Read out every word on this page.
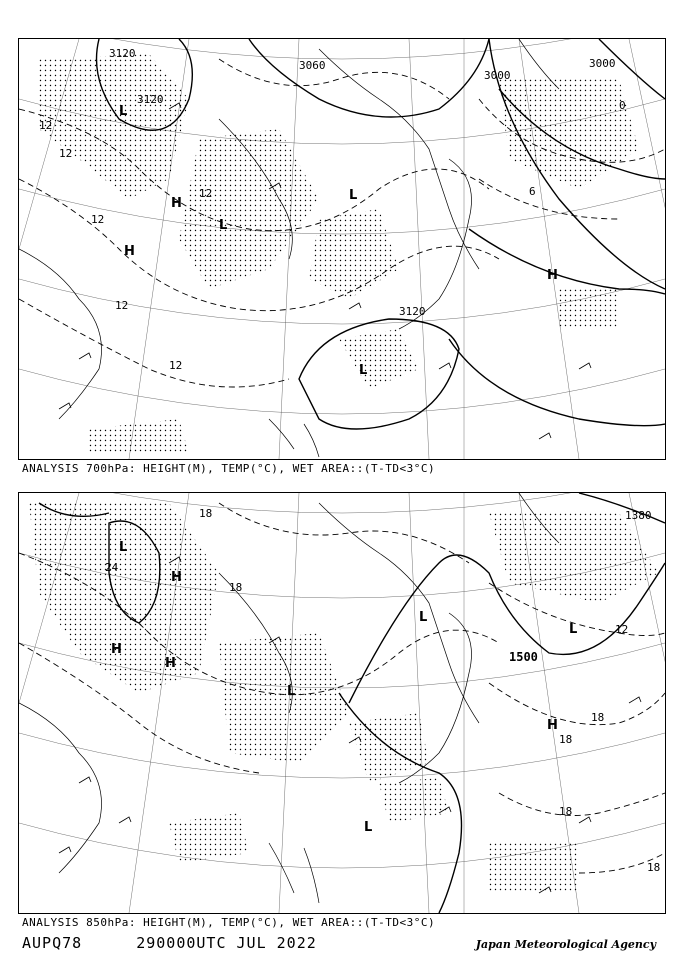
3120
3120
3060
3000
3000
3120
L
H
L
H
L
H
L
12
12
12
12
12
12
6
0
ANALYSIS 700hPa: HEIGHT(M), TEMP(°C), WET AREA::(T-TD<3°C)
1500
1380
L
H
H
H
L
L
L
H
L
18
24
18
12
18
18
18
18
ANALYSIS 850hPa: HEIGHT(M), TEMP(°C), WET AREA::(T-TD<3°C)
AUPQ78	290000UTC JUL 2022	Japan Meteorological Agency
